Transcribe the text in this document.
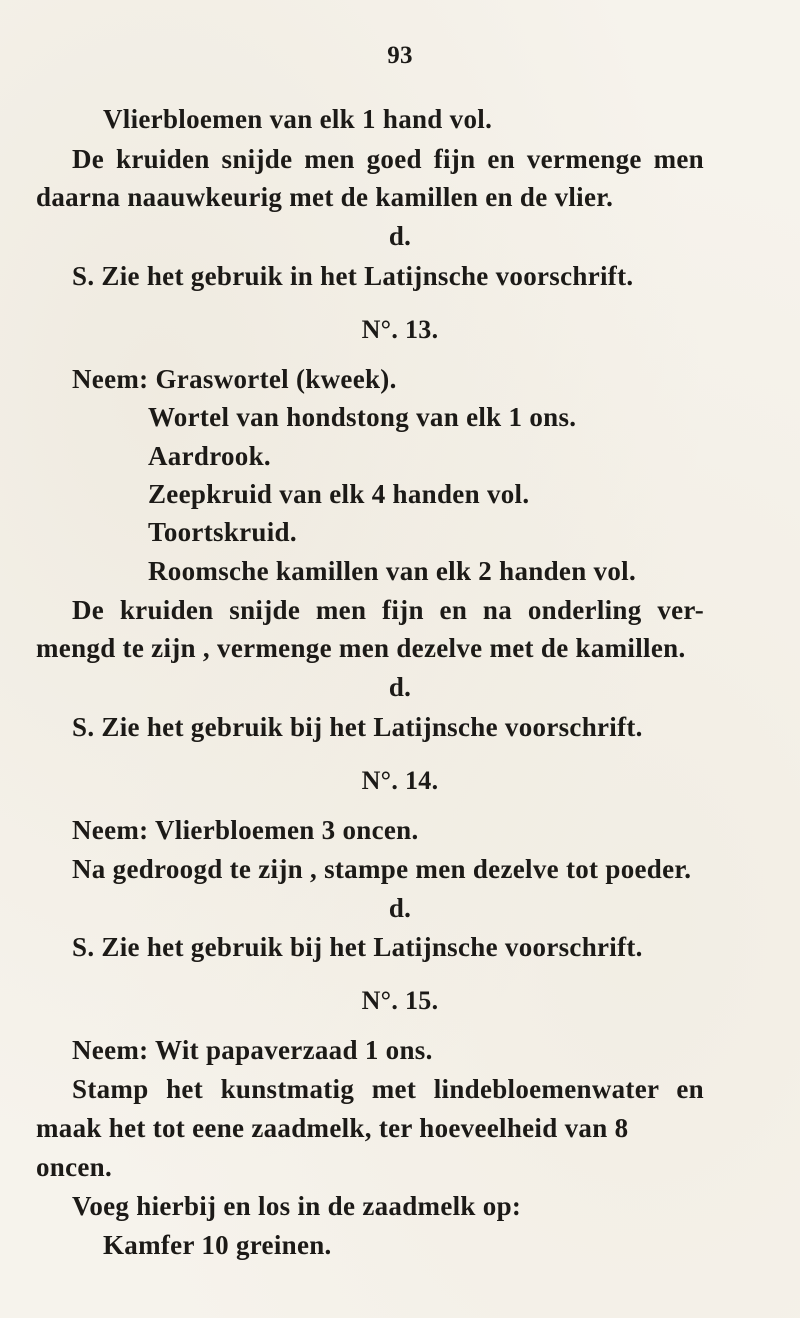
93
Vlierbloemen van elk 1 hand vol.
De kruiden snijde men goed fijn en vermenge men
daarna naauwkeurig met de kamillen en de vlier.
d.
S. Zie het gebruik in het Latijnsche voorschrift.
N°. 13.
Neem: Graswortel (kweek).
Wortel van hondstong van elk 1 ons.
Aardrook.
Zeepkruid van elk 4 handen vol.
Toortskruid.
Roomsche kamillen van elk 2 handen vol.
De kruiden snijde men fijn en na onderling ver-
mengd te zijn , vermenge men dezelve met de kamillen.
d.
S. Zie het gebruik bij het Latijnsche voorschrift.
N°. 14.
Neem: Vlierbloemen 3 oncen.
Na gedroogd te zijn , stampe men dezelve tot poeder.
d.
S. Zie het gebruik bij het Latijnsche voorschrift.
N°. 15.
Neem: Wit papaverzaad 1 ons.
Stamp het kunstmatig met lindebloemenwater en
maak het tot eene zaadmelk, ter hoeveelheid van 8
oncen.
Voeg hierbij en los in de zaadmelk op:
Kamfer 10 greinen.
